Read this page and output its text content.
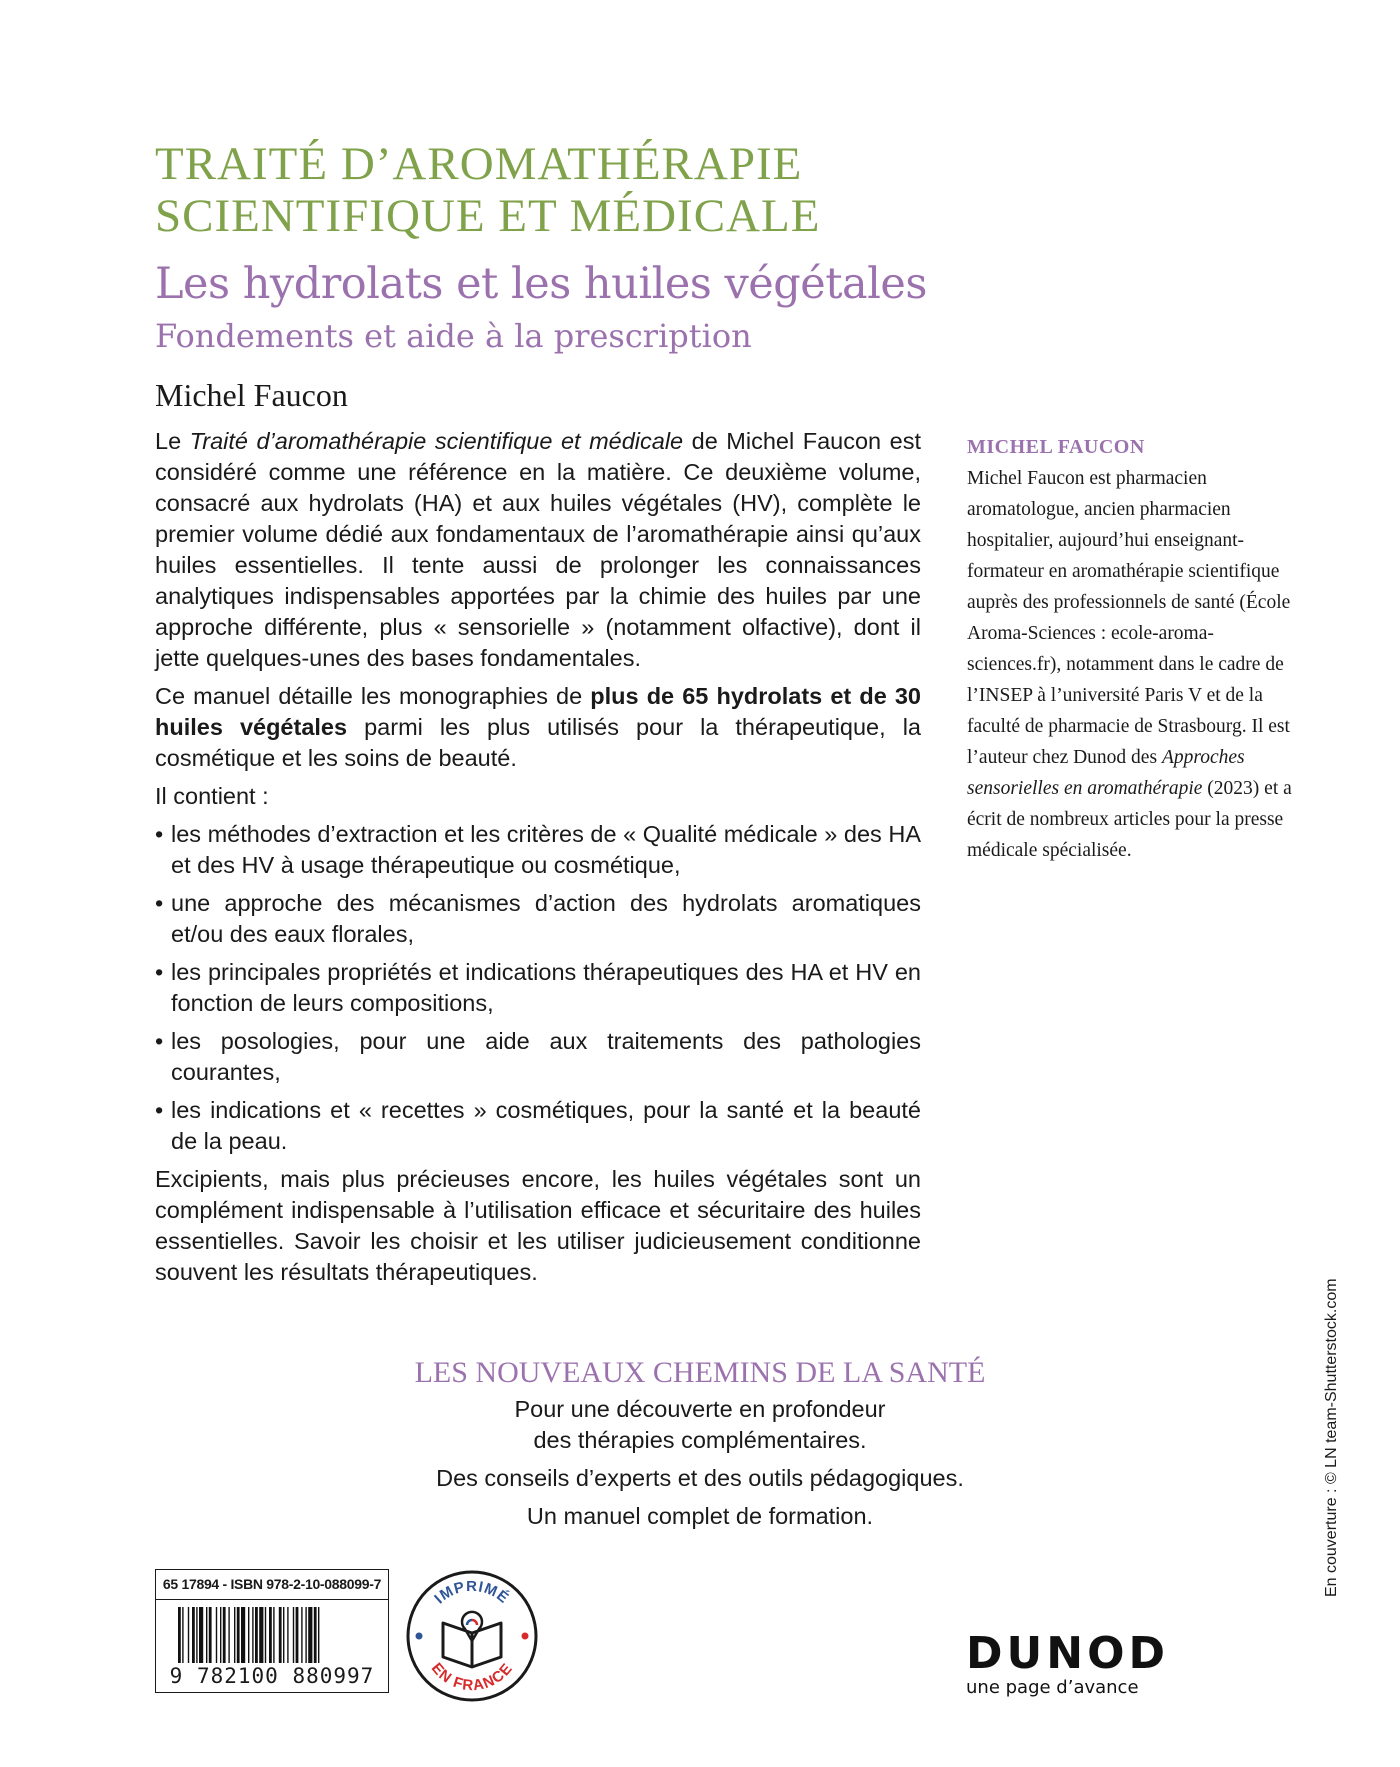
TRAITÉ D’AROMATHÉRAPIE
SCIENTIFIQUE ET MÉDICALE
Les hydrolats et les huiles végétales
Fondements et aide à la prescription
Michel Faucon

Le Traité d’aromathérapie scientifique et médicale de Michel Faucon est considéré comme une référence en la matière. Ce deuxième volume, consacré aux hydrolats (HA) et aux huiles végétales (HV), complète le premier volume dédié aux fondamentaux de l’aromathérapie ainsi qu’aux huiles essentielles. Il tente aussi de prolonger les connaissances analytiques indispensables apportées par la chimie des huiles par une approche différente, plus « sensorielle » (notamment olfactive), dont il jette quelques-unes des bases fondamentales.

Ce manuel détaille les monographies de plus de 65 hydrolats et de 30 huiles végétales parmi les plus utilisés pour la thérapeutique, la cosmétique et les soins de beauté.

Il contient :

• les méthodes d’extraction et les critères de « Qualité médicale » des HA et des HV à usage thérapeutique ou cosmétique,
• une approche des mécanismes d’action des hydrolats aromatiques et/ou des eaux florales,
• les principales propriétés et indications thérapeutiques des HA et HV en fonction de leurs compositions,
• les posologies, pour une aide aux traitements des pathologies courantes,
• les indications et « recettes » cosmétiques, pour la santé et la beauté de la peau.

Excipients, mais plus précieuses encore, les huiles végétales sont un complément indispensable à l’utilisation efficace et sécuritaire des huiles essentielles. Savoir les choisir et les utiliser judicieusement conditionne souvent les résultats thérapeutiques.

MICHEL FAUCON
Michel Faucon est pharmacien aromatologue, ancien pharmacien hospitalier, aujourd’hui enseignant-formateur en aromathérapie scientifique auprès des professionnels de santé (École Aroma-Sciences : ecole-aroma-sciences.fr), notamment dans le cadre de l’INSEP à l’université Paris V et de la faculté de pharmacie de Strasbourg. Il est l’auteur chez Dunod des Approches sensorielles en aromathérapie (2023) et a écrit de nombreux articles pour la presse médicale spécialisée.
LES NOUVEAUX CHEMINS DE LA SANTÉ

Pour une découverte en profondeur
des thérapies complémentaires.

Des conseils d’experts et des outils pédagogiques.

Un manuel complet de formation.	En couverture : © LN team-Shutterstock.com
65 17894 - ISBN 978-2-10-088099-7
9 782100 880997
IMPRIMÉ
EN FRANCE	DUNOD
une page d’avance
